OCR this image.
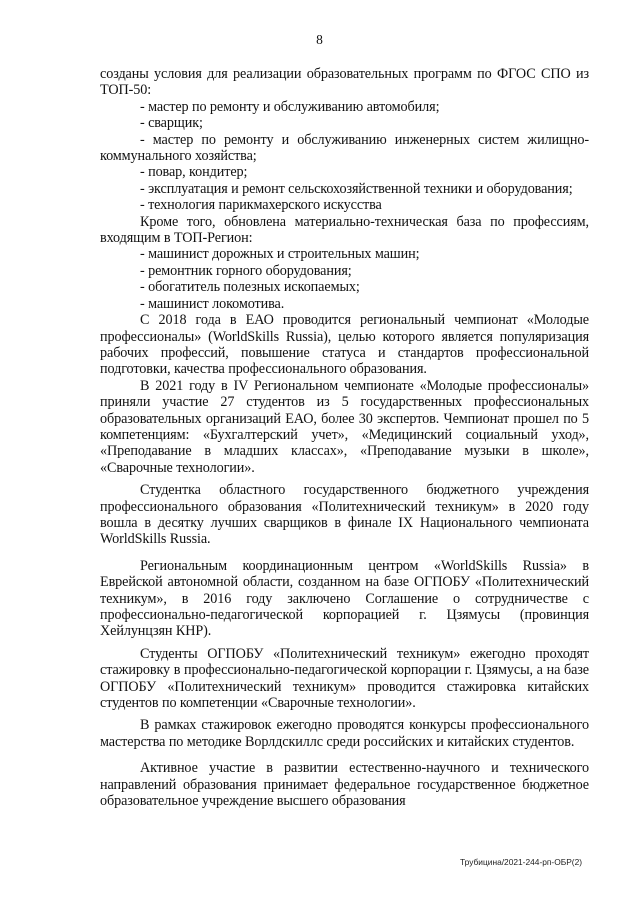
8

созданы условия для реализации образовательных программ по ФГОС СПО из ТОП-50:

- мастер по ремонту и обслуживанию автомобиля;

- сварщик;

- мастер по ремонту и обслуживанию инженерных систем жилищно-коммунального хозяйства;

- повар, кондитер;

- эксплуатация и ремонт сельскохозяйственной техники и оборудования;

- технология парикмахерского искусства

Кроме того, обновлена материально-техническая база по профессиям, входящим в ТОП-Регион:

- машинист дорожных и строительных машин;

- ремонтник горного оборудования;

- обогатитель полезных ископаемых;

- машинист локомотива.

С 2018 года в ЕАО проводится региональный чемпионат «Молодые профессионалы» (WorldSkills Russia), целью которого является популяризация рабочих профессий, повышение статуса и стандартов профессиональной подготовки, качества профессионального образования.

В 2021 году в IV Региональном чемпионате «Молодые профессионалы» приняли участие 27 студентов из 5 государственных профессиональных образовательных организаций ЕАО, более 30 экспертов. Чемпионат прошел по 5 компетенциям: «Бухгалтерский учет», «Медицинский социальный уход», «Преподавание в младших классах», «Преподавание музыки в школе», «Сварочные технологии».

Студентка областного государственного бюджетного учреждения профессионального образования «Политехнический техникум» в 2020 году вошла в десятку лучших сварщиков в финале IX Национального чемпионата WorldSkills Russia.

Региональным координационным центром «WorldSkills Russia» в Еврейской автономной области, созданном на базе ОГПОБУ «Политехнический техникум», в 2016 году заключено Соглашение о сотрудничестве с профессионально-педагогической корпорацией г. Цзямусы (провинция Хейлунцзян КНР).

Студенты ОГПОБУ «Политехнический техникум» ежегодно проходят стажировку в профессионально-педагогической корпорации г. Цзямусы, а на базе ОГПОБУ «Политехнический техникум» проводится стажировка китайских студентов по компетенции «Сварочные технологии».

В рамках стажировок ежегодно проводятся конкурсы профессионального мастерства по методике Ворлдскиллс среди российских и китайских студентов.

Активное участие в развитии естественно-научного и технического направлений образования принимает федеральное государственное бюджетное образовательное учреждение высшего образования

Трубицина/2021-244-рп-ОБР(2)
